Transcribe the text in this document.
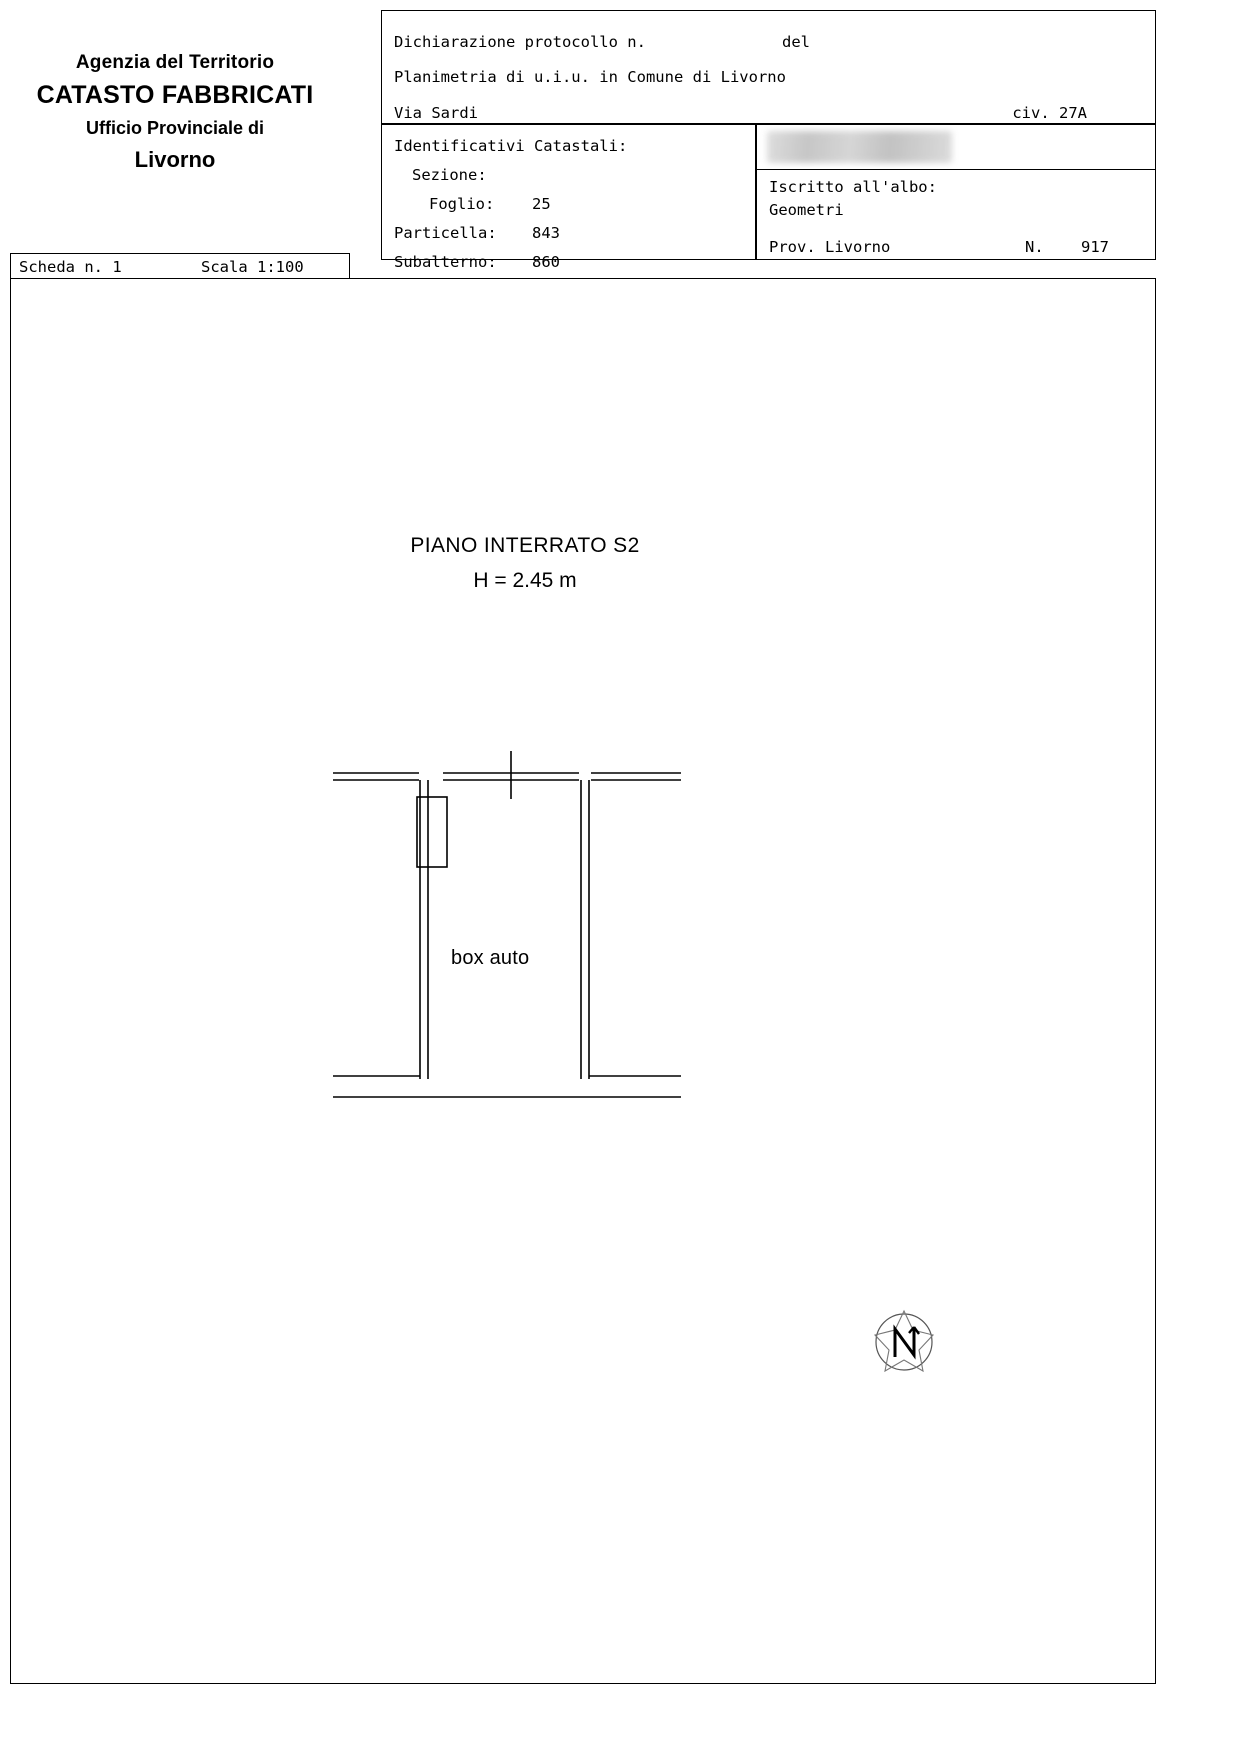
Agenzia del Territorio
CATASTO FABBRICATI
Ufficio Provinciale di
Livorno
Dichiarazione protocollo n.	del
Planimetria di u.i.u. in Comune di Livorno
Via Sardi	civ. 27A
Identificativi Catastali:
Sezione:
Foglio: 25
Particella: 843
Subalterno: 860
Iscritto all'albo:
Geometri
Prov. Livorno	N. 917
Scheda n. 1	Scala 1:100
PIANO INTERRATO S2
H = 2.45 m
box auto
